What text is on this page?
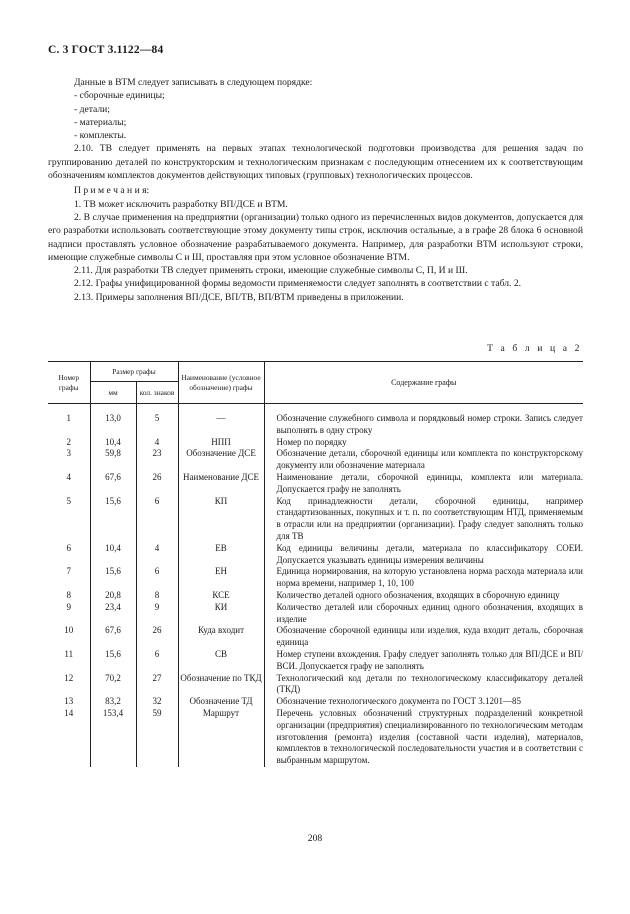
С. 3 ГОСТ 3.1122—84

Данные в ВТМ следует записывать в следующем порядке:

- сборочные единицы;

- детали;

- материалы;

- комплекты.

2.10. ТВ следует применять на первых этапах технологической подготовки производства для решения задач по группированию деталей по конструкторским и технологическим признакам с последующим отнесением их к соответствующим обозначениям комплектов документов действующих типовых (групповых) технологических процессов.

П р и м е ч а н и я:

1. ТВ может исключить разработку ВП/ДСЕ и ВТМ.

2. В случае применения на предприятии (организации) только одного из перечисленных видов документов, допускается для его разработки использовать соответствующие этому документу типы строк, исключив остальные, а в графе 28 блока 6 основной надписи проставлять условное обозначение разрабатываемого документа. Например, для разработки ВТМ используют строки, имеющие служебные символы С и Ш, проставляя при этом условное обозначение ВТМ.

2.11. Для разработки ТВ следует применять строки, имеющие служебные символы С, П, И и Ш.

2.12. Графы унифицированной формы ведомости применяемости следует заполнять в соответствии с табл. 2.

2.13. Примеры заполнения ВП/ДСЕ, ВП/ТВ, ВП/ВТМ приведены в приложении.

Т а б л и ц а 2
Номер графы	Размер графы		Наименование (условное обозначение) графы	Содержание графы
	мм	кол. знаков		
1	13,0	5	—	Обозначение служебного символа и порядковый номер строки. Запись следует выполнять в одну строку
2	10,4	4	НПП	Номер по порядку
3	59,8	23	Обозначение ДСЕ	Обозначение детали, сборочной единицы или комплекта по конструкторскому документу или обозначение материала
4	67,6	26	Наименование ДСЕ	Наименование детали, сборочной единицы, комплекта или материала. Допускается графу не заполнять
5	15,6	6	КП	Код принадлежности детали, сборочной единицы, например стандартизованных, покупных и т. п. по соответствующим НТД, применяемым в отрасли или на предприятии (организации). Графу следует заполнять только для ТВ
6	10,4	4	ЕВ	Код единицы величины детали, материала по классификатору СОЕИ. Допускается указывать единицы измерения величины
7	15,6	6	ЕН	Единица нормирования, на которую установлена норма расхода материала или норма времени, например 1, 10, 100
8	20,8	8	КСЕ	Количество деталей одного обозначения, входящих в сборочную единицу
9	23,4	9	КИ	Количество деталей или сборочных единиц одного обозначения, входящих в изделие
10	67,6	26	Куда входит	Обозначение сборочной единицы или изделия, куда входит деталь, сборочная единица
11	15,6	6	СВ	Номер ступени вхождения. Графу следует заполнять только для ВП/ДСЕ и ВП/ВСИ. Допускается графу не заполнять
12	70,2	27	Обозначение по ТКД	Технологический код детали по технологическому классификатору деталей (ТКД)
13	83,2	32	Обозначение ТД	Обозначение технологического документа по ГОСТ 3.1201—85
14	153,4	59	Маршрут	Перечень условных обозначений структурных подразделений конкретной организации (предприятия) специализированного по технологическим методам изготовления (ремонта) изделия (составной части изделия), материалов, комплектов в технологической последовательности участия и в соответствии с выбранным маршрутом.
208
